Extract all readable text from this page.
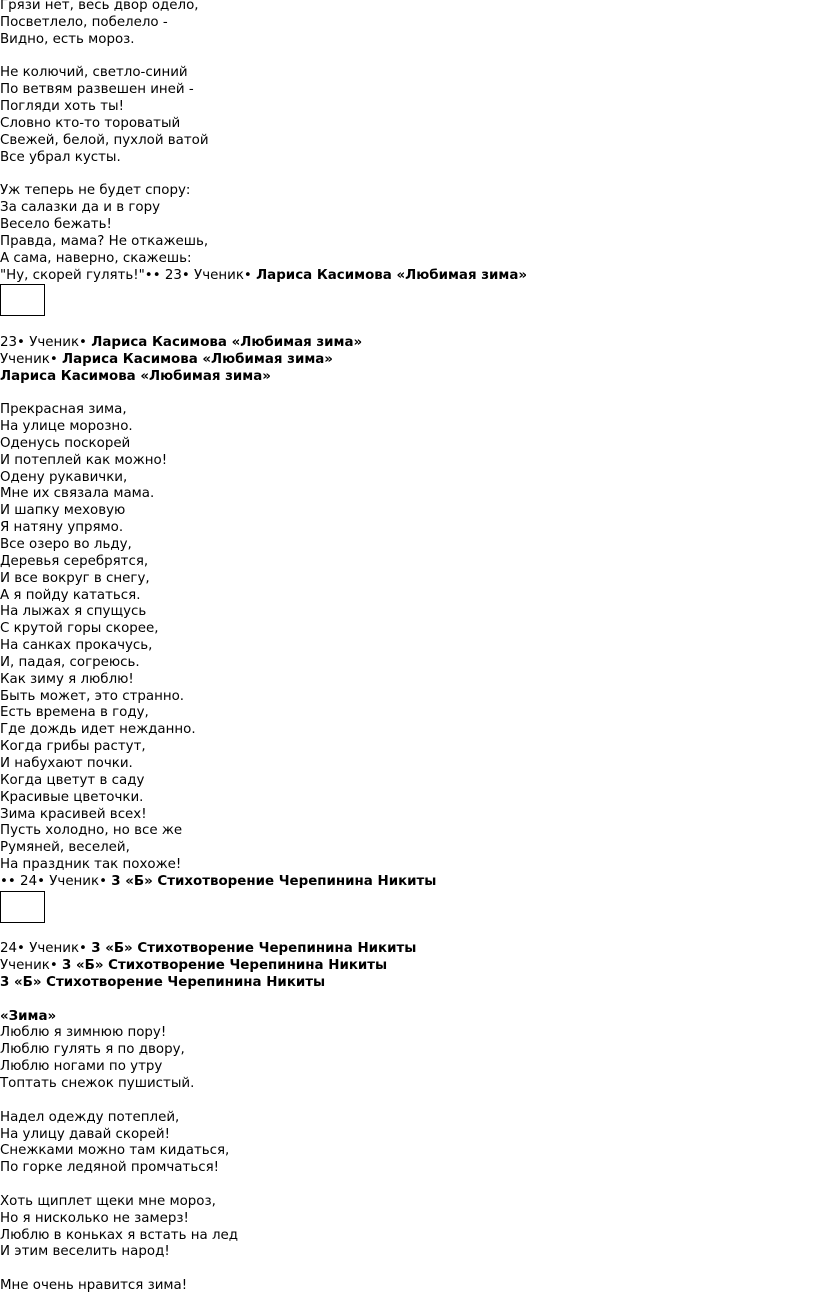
Грязи нет, весь двор одело,
Посветлело, побелело -
Видно, есть мороз.
Не колючий, светло-синий
По ветвям развешен иней -
Погляди хоть ты!
Словно кто-то тороватый
Свежей, белой, пухлой ватой
Все убрал кусты.
Уж теперь не будет спору:
За салазки да и в гору
Весело бежать!
Правда, мама? Не откажешь,
А сама, наверно, скажешь:
"Ну, скорей гулять!"•• 23• Ученик• Лариса Касимова «Любимая зима»
23• Ученик• Лариса Касимова «Любимая зима»
Ученик• Лариса Касимова «Любимая зима»
Лариса Касимова «Любимая зима»
Прекрасная зима,
На улице морозно.
Оденусь поскорей
И потеплей как можно!
Одену рукавички,
Мне их связала мама.
И шапку меховую
Я натяну упрямо.
Все озеро во льду,
Деревья серебрятся,
И все вокруг в снегу,
А я пойду кататься.
На лыжах я спущусь
С крутой горы скорее,
На санках прокачусь,
И, падая, согреюсь.
Как зиму я люблю!
Быть может, это странно.
Есть времена в году,
Где дождь идет нежданно.
Когда грибы растут,
И набухают почки.
Когда цветут в саду
Красивые цветочки.
Зима красивей всех!
Пусть холодно, но все же
Румяней, веселей,
На праздник так похоже!
•• 24• Ученик• 3 «Б» Стихотворение Черепинина Никиты
24• Ученик• 3 «Б» Стихотворение Черепинина Никиты
Ученик• 3 «Б» Стихотворение Черепинина Никиты
3 «Б» Стихотворение Черепинина Никиты
«Зима»
Люблю я зимнюю пору!
Люблю гулять я по двору,
Люблю ногами по утру
Топтать снежок пушистый.
Надел одежду потеплей,
На улицу давай скорей!
Снежками можно там кидаться,
По горке ледяной промчаться!
Хоть щиплет щеки мне мороз,
Но я нисколько не замерз!
Люблю в коньках я встать на лед
И этим веселить народ!
Мне очень нравится зима!
